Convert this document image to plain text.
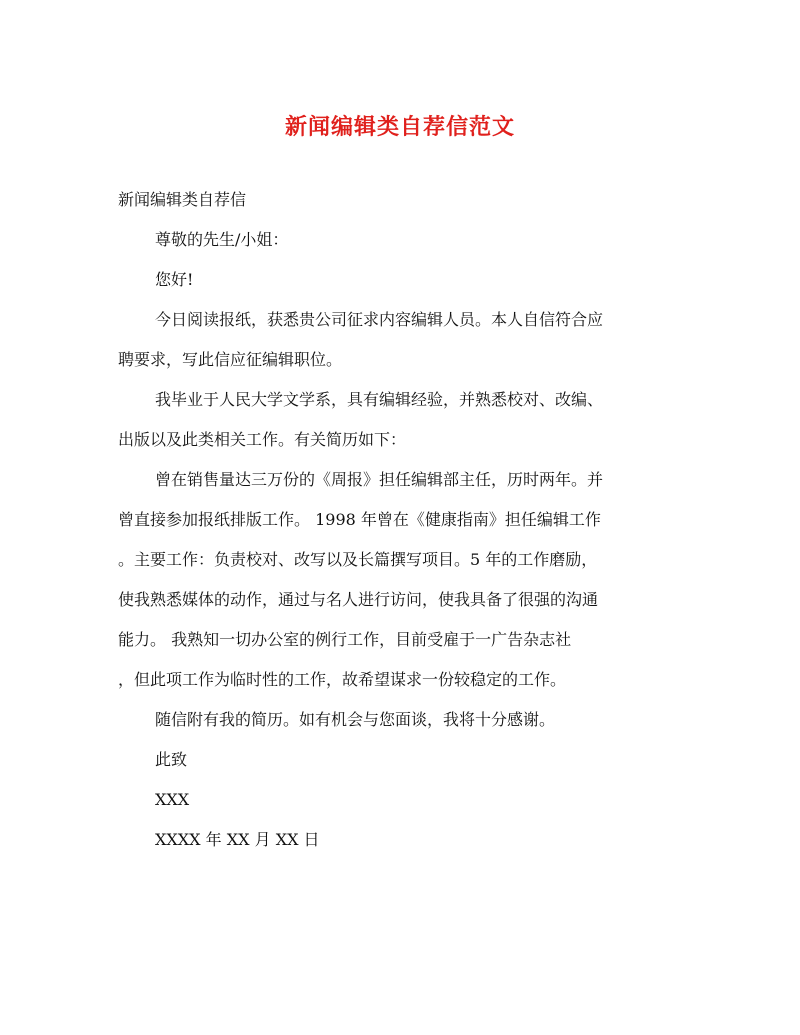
新闻编辑类自荐信范文
新闻编辑类自荐信
尊敬的先生/小姐：
您好!
今日阅读报纸，获悉贵公司征求内容编辑人员。本人自信符合应
聘要求，写此信应征编辑职位。
我毕业于人民大学文学系，具有编辑经验，并熟悉校对、改编、
出版以及此类相关工作。有关简历如下：
曾在销售量达三万份的《周报》担任编辑部主任，历时两年。并
曾直接参加报纸排版工作。 1998 年曾在《健康指南》担任编辑工作
。主要工作：负责校对、改写以及长篇撰写项目。5 年的工作磨励，
使我熟悉媒体的动作，通过与名人进行访问，使我具备了很强的沟通
能力。 我熟知一切办公室的例行工作，目前受雇于一广告杂志社
，但此项工作为临时性的工作，故希望谋求一份较稳定的工作。
随信附有我的简历。如有机会与您面谈，我将十分感谢。
此致
XXX
XXXX 年 XX 月 XX 日
